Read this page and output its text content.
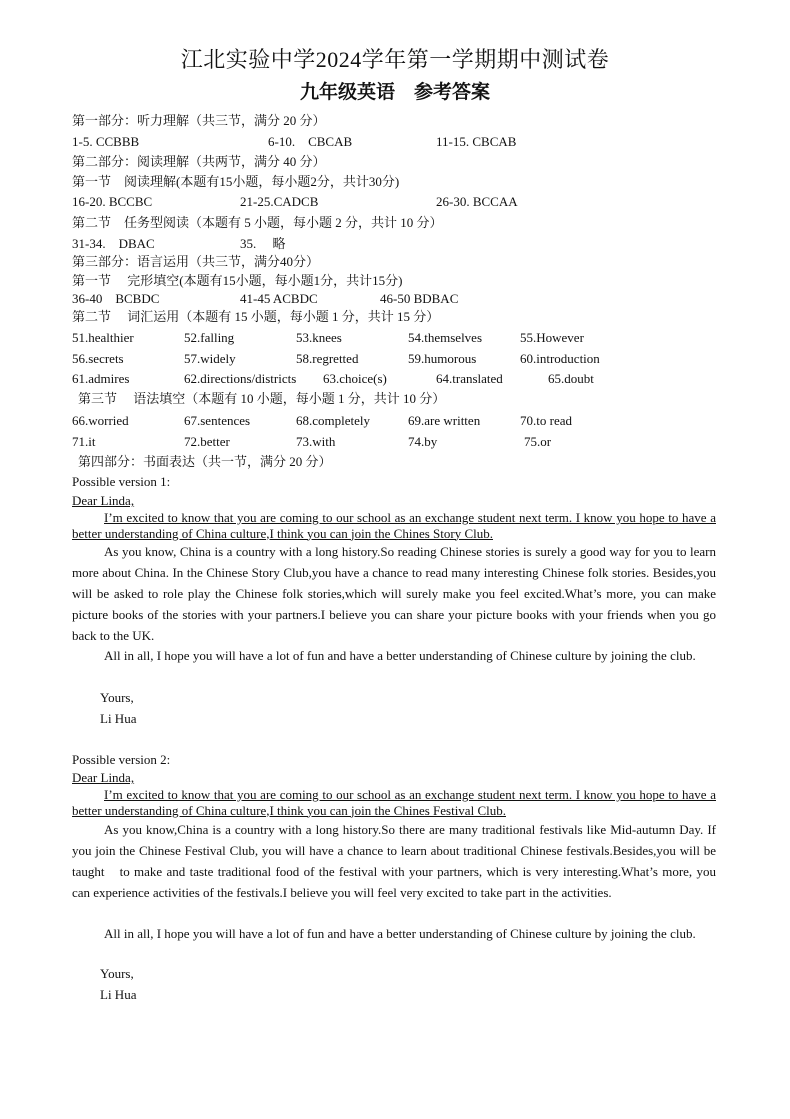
江北实验中学2024学年第一学期期中测试卷
九年级英语　参考答案
第一部分：听力理解（共三节，满分 20 分）
1-5. CCBBB	6-10.　CBCAB	11-15. CBCAB
第二部分：阅读理解（共两节，满分 40 分）
第一节　阅读理解(本题有15小题，每小题2分，共计30分)
16-20. BCCBC	21-25.CADCB	26-30. BCCAA
第二节　任务型阅读（本题有 5 小题，每小题 2 分，共计 10 分）
31-34.　DBAC	35.　 略
第三部分：语言运用（共三节，满分40分）
第一节　 完形填空(本题有15小题，每小题1分，共计15分)
36-40　BCBDC	41-45 ACBDC	46-50 BDBAC
第二节　 词汇运用（本题有 15 小题，每小题 1 分，共计 15 分）
51.healthier	52.falling	53.knees	54.themselves	55.However
56.secrets	57.widely	58.regretted	59.humorous	60.introduction
61.admires	62.directions/districts 63.choice(s)	64.translated	65.doubt
第三节　 语法填空（本题有 10 小题，每小题 1 分，共计 10 分）
66.worried	67.sentences	68.completely	69.are written	70.to read
71.it	72.better	73.with	74.by	75.or
第四部分：书面表达（共一节，满分 20 分）
Possible version 1:
Dear Linda,

I’m excited to know that you are coming to our school as an exchange student next term. I know you hope to have a better understanding of China culture,I think you can join the Chines Story Club.

As you know, China is a country with a long history.So reading Chinese stories is surely a good way for you to learn more about China. In the Chinese Story Club,you have a chance to read many interesting Chinese folk stories. Besides,you will be asked to role play the Chinese folk stories,which will surely make you feel excited.What’s more, you can make picture books of the stories with your partners.I believe you can share your picture books with your friends when you go back to the UK.

All in all, I hope you will have a lot of fun and have a better understanding of Chinese culture by joining the club.

Yours,
Li Hua
Possible version 2:
Dear Linda,

I’m excited to know that you are coming to our school as an exchange student next term. I know you hope to have a better understanding of China culture,I think you can join the Chines Festival Club.

As you know,China is a country with a long history.So there are many traditional festivals like Mid-autumn Day. If you join the Chinese Festival Club, you will have a chance to learn about traditional Chinese festivals.Besides,you will be taught　to make and taste traditional food of the festival with your partners, which is very interesting.What’s more, you can experience activities of the festivals.I believe you will feel very excited to take part in the activities.

All in all, I hope you will have a lot of fun and have a better understanding of Chinese culture by joining the club.

Yours,
Li Hua
